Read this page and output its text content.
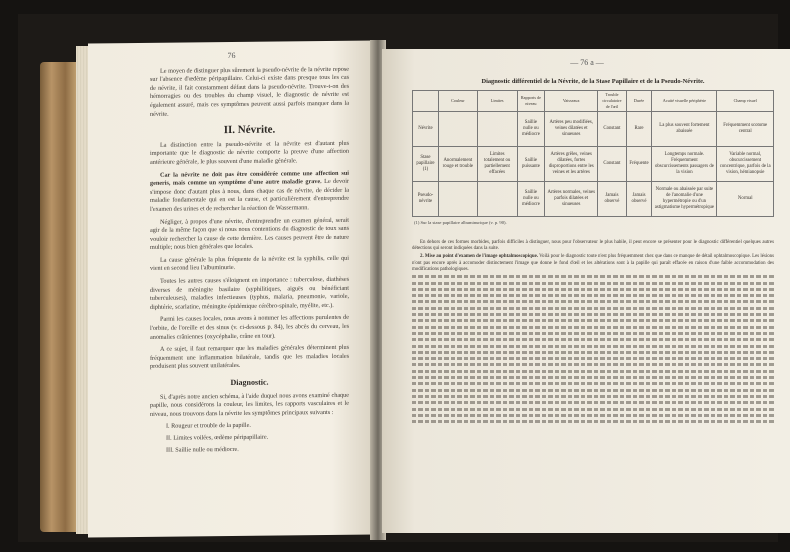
76

Le moyen de distinguer plus sûrement la pseudo-névrite de la névrite repose sur l'absence d'œdème péripapillaire. Celui-ci existe dans presque tous les cas de névrite, il fait constamment défaut dans la pseudo-névrite. Trouve-t-on des hémorragies ou des troubles du champ visuel, le diagnostic de névrite est également assuré, mais ces symptômes peuvent aussi parfois manquer dans la névrite.

II. Névrite.

La distinction entre la pseudo-névrite et la névrite est d'autant plus importante que le diagnostic de névrite comporte la preuve d'une affection antérieure générale, le plus souvent d'une maladie générale.

Car la névrite ne doit pas être considérée comme une affection sui generis, mais comme un symptôme d'une autre maladie grave. Le devoir s'impose donc d'autant plus à nous, dans chaque cas de névrite, de décider la maladie fondamentale qui en est la cause, et particulièrement d'entreprendre l'examen des urines et de rechercher la réaction de Wassermann.

Négliger, à propos d'une névrite, d'entreprendre un examen général, serait agir de la même façon que si nous nous contentions du diagnostic de toux sans vouloir rechercher la cause de cette dernière. Les causes peuvent être de nature multiple; nous bien générales que locales.

La cause générale la plus fréquente de la névrite est la syphilis, celle qui vient en second lieu l'albuminurie.

Toutes les autres causes s'éloignent en importance : tuberculose, diathèses diverses de méningite basilaire (syphilitiques, aiguës ou bénéficiant tuberculeuses), maladies infectieuses (typhus, malaria, pneumonie, variole, diphtérie, scarlatine, méningite épidémique cérébro-spinale, myélite, etc.).

Parmi les causes locales, nous avons à nommer les affections purulentes de l'orbite, de l'oreille et des sinus (v. ci-dessous p. 84), les abcès du cerveau, les anomalies crâniennes (oxycéphalie, crâne en tour).

A ce sujet, il faut remarquer que les maladies générales déterminent plus fréquemment une inflammation bilatérale, tandis que les maladies locales produisent plus souvent unilatérales.

Diagnostic.

Si, d'après notre ancien schéma, à l'aide duquel nous avons examiné chaque papille, nous considérons la couleur, les limites, les rapports vasculaires et le niveau, nous trouvons dans la névrite les symptômes principaux suivants :

I. Rougeur et trouble de la papille.
II. Limites voilées, œdème péripapillaire.
III. Saillie nulle ou médiocre.
— 76 a —
Diagnostic différentiel de la Névrite, de la Stase Papillaire et de la Pseudo-Névrite.
	Couleur	Limites	Rapports de niveau	Vaisseaux	Trouble circulatoire de l'œil	Durée	Acuité visuelle périphérie	Champ visuel
Névrite			Saillie nulle ou médiocre	Artères peu modifiées, veines dilatées et sinueuses	Constant	Rare	La plus souvent fortement abaissée	Fréquemment scotome central
Stase papillaire (1)	Anormalement rouge et trouble	Limites totalement ou partiellement effacées	Saillie puissante	Artères grêles, veines dilatées, fortes disproportions entre les veines et les artères	Constant	Fréquente	Longtemps normale. Fréquemment obscurcissements passagers de la vision	Variable normal, obscurcissement concentrique, parfois de la vision, hémianopsie
Pseudo-névrite			Saillie nulle ou médiocre	Artères normales, veines parfois dilatées et sinueuses	Jamais observé	Jamais observé	Normale ou abaissée par suite de l'anomalie d'une hypermétropie ou d'un astigmatisme hypermétropique	Normal
(1) Sur la stase papillaire albuminurique (v. p. 90).

En dehors de ces formes morbides, parfois difficiles à distinguer, nous pour l'observateur le plus habile, il peut encore se présenter pour le diagnostic différentiel quelques autres détections qui seront indiquées dans la suite.

2. Mise au point d'examen de l'image ophtalmoscopique. Voilà pour le diagnostic toute n'est plus fréquemment chez que dans ce manque de détail ophtalmoscopique. Les lésions n'ont pas encore après à accomoder distinctement l'image que donne le fond d'œil et les altérations sont à la papille qui paraît effacée en raison d'une faible accommodation des modifications pathologiques.
